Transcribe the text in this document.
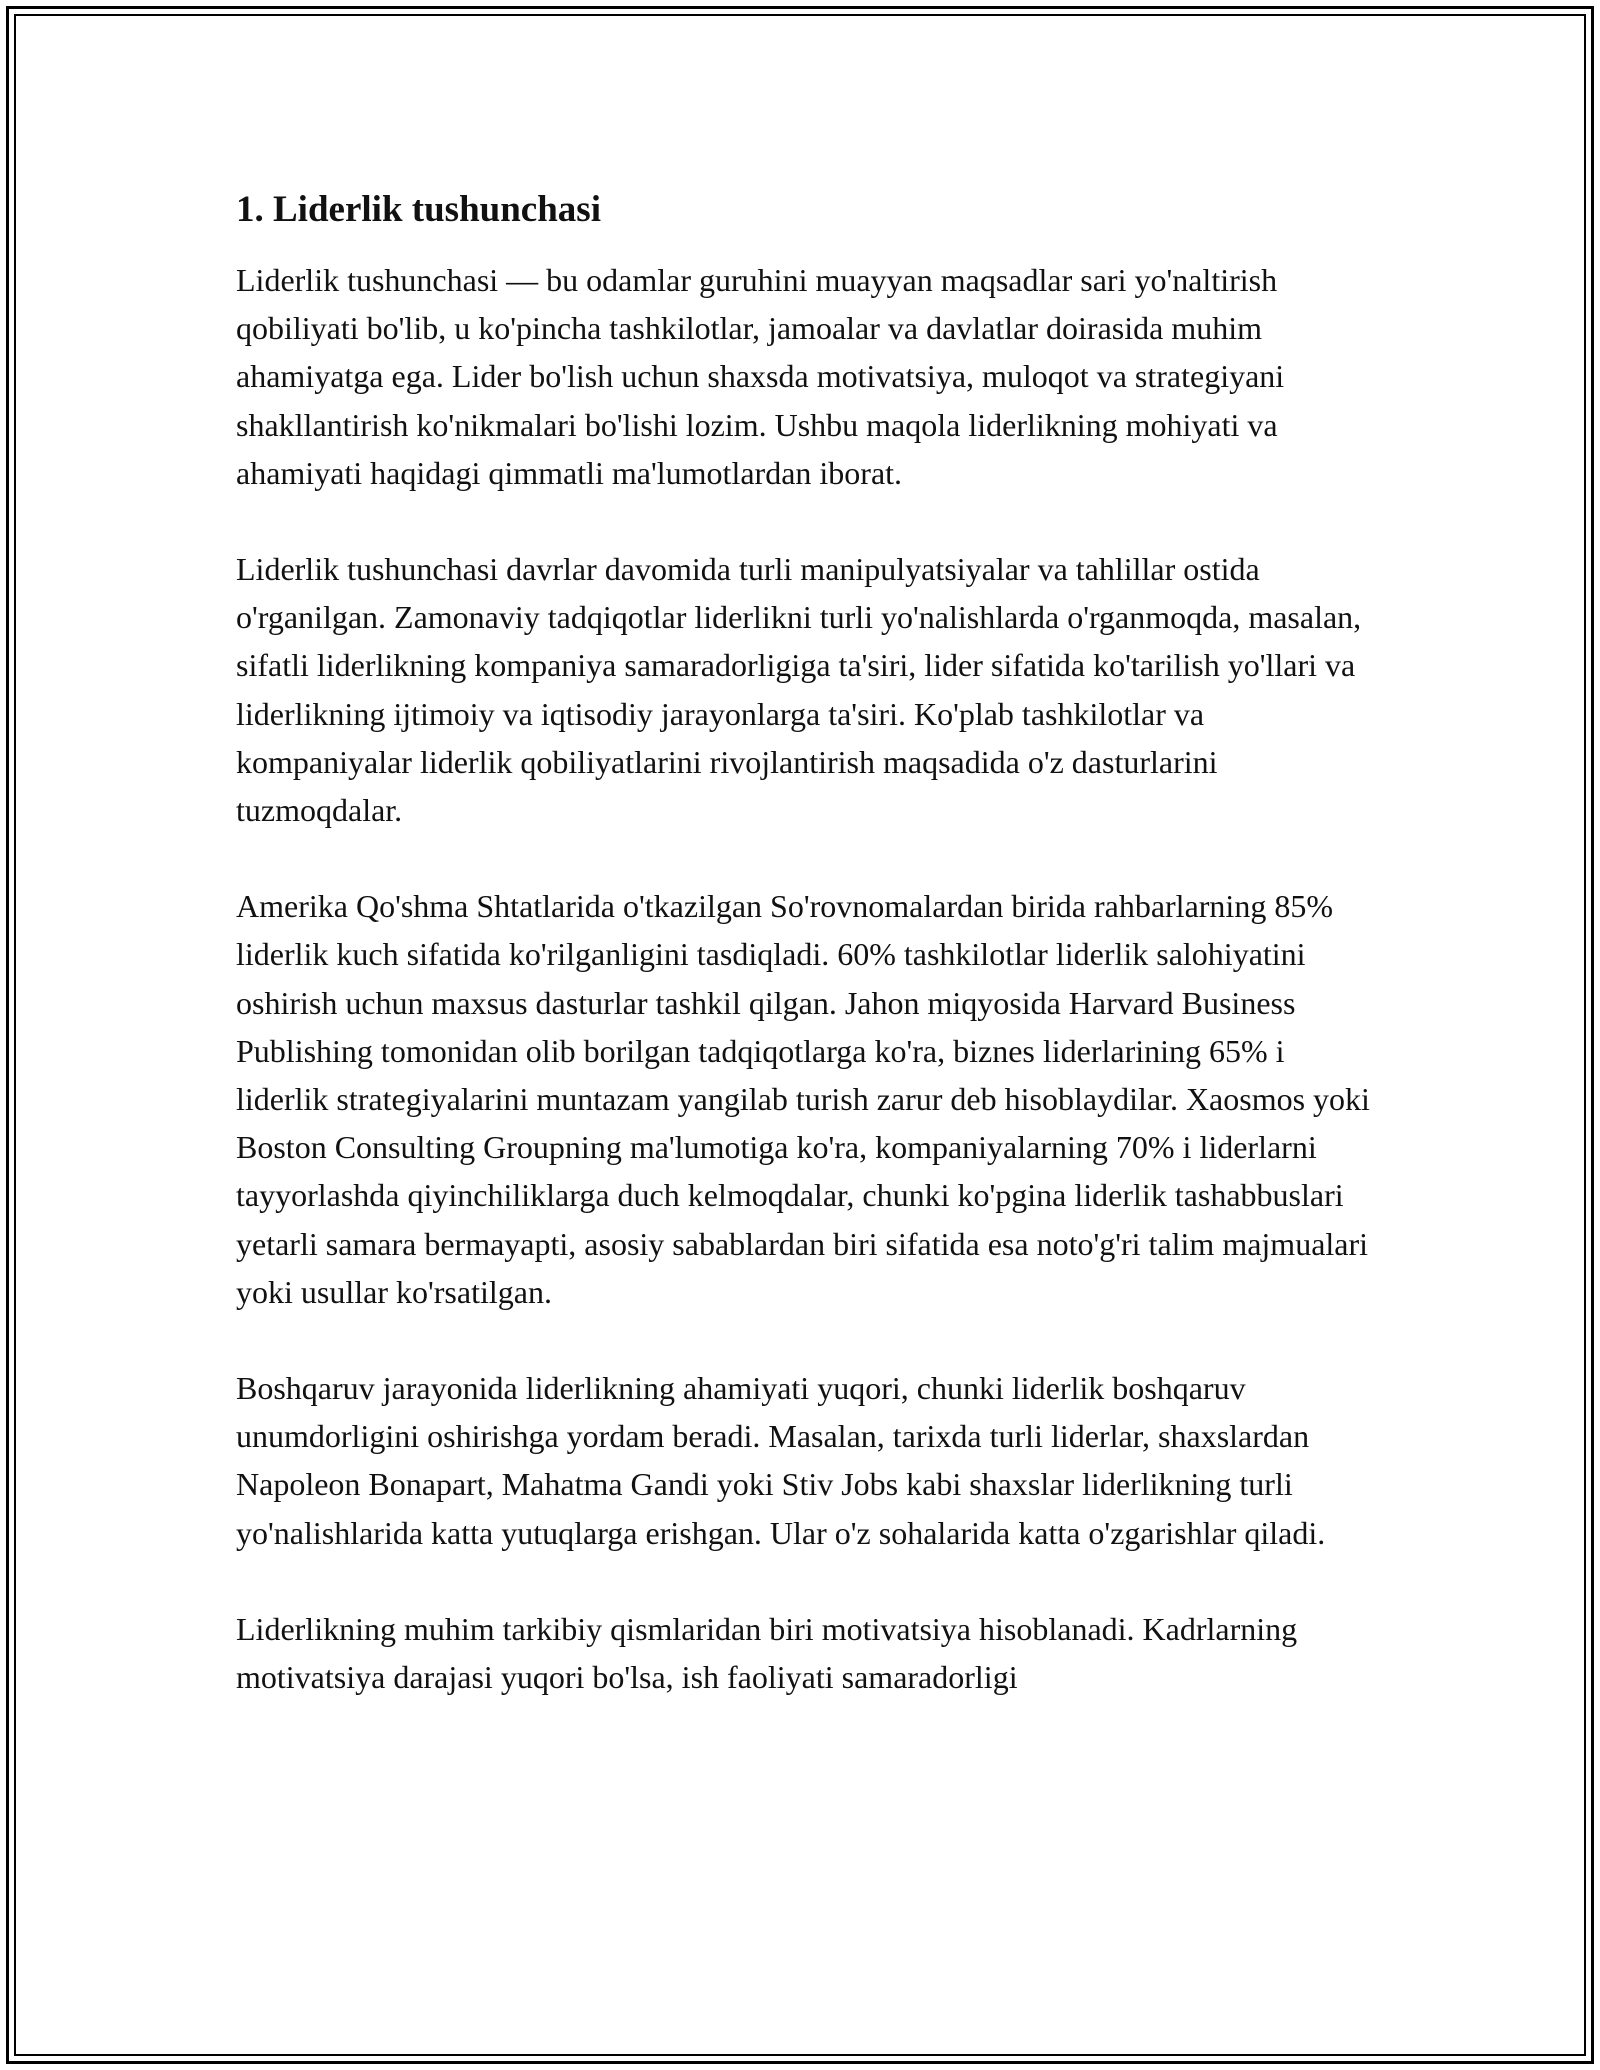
1. Liderlik tushunchasi

Liderlik tushunchasi — bu odamlar guruhini muayyan maqsadlar sari yo'naltirish qobiliyati bo'lib, u ko'pincha tashkilotlar, jamoalar va davlatlar doirasida muhim ahamiyatga ega. Lider bo'lish uchun shaxsda motivatsiya, muloqot va strategiyani shakllantirish ko'nikmalari bo'lishi lozim. Ushbu maqola liderlikning mohiyati va ahamiyati haqidagi qimmatli ma'lumotlardan iborat.

Liderlik tushunchasi davrlar davomida turli manipulyatsiyalar va tahlillar ostida o'rganilgan. Zamonaviy tadqiqotlar liderlikni turli yo'nalishlarda o'rganmoqda, masalan, sifatli liderlikning kompaniya samaradorligiga ta'siri, lider sifatida ko'tarilish yo'llari va liderlikning ijtimoiy va iqtisodiy jarayonlarga ta'siri. Ko'plab tashkilotlar va kompaniyalar liderlik qobiliyatlarini rivojlantirish maqsadida o'z dasturlarini tuzmoqdalar.

Amerika Qo'shma Shtatlarida o'tkazilgan So'rovnomalardan birida rahbarlarning 85% liderlik kuch sifatida ko'rilganligini tasdiqladi. 60% tashkilotlar liderlik salohiyatini oshirish uchun maxsus dasturlar tashkil qilgan. Jahon miqyosida Harvard Business Publishing tomonidan olib borilgan tadqiqotlarga ko'ra, biznes liderlarining 65% i liderlik strategiyalarini muntazam yangilab turish zarur deb hisoblaydilar. Xaosmos yoki Boston Consulting Groupning ma'lumotiga ko'ra, kompaniyalarning 70% i liderlarni tayyorlashda qiyinchiliklarga duch kelmoqdalar, chunki ko'pgina liderlik tashabbuslari yetarli samara bermayapti, asosiy sabablardan biri sifatida esa noto'g'ri talim majmualari yoki usullar ko'rsatilgan.

Boshqaruv jarayonida liderlikning ahamiyati yuqori, chunki liderlik boshqaruv unumdorligini oshirishga yordam beradi. Masalan, tarixda turli liderlar, shaxslardan Napoleon Bonapart, Mahatma Gandi yoki Stiv Jobs kabi shaxslar liderlikning turli yo'nalishlarida katta yutuqlarga erishgan. Ular o'z sohalarida katta o'zgarishlar qiladi.

Liderlikning muhim tarkibiy qismlaridan biri motivatsiya hisoblanadi. Kadrlarning motivatsiya darajasi yuqori bo'lsa, ish faoliyati samaradorligi
